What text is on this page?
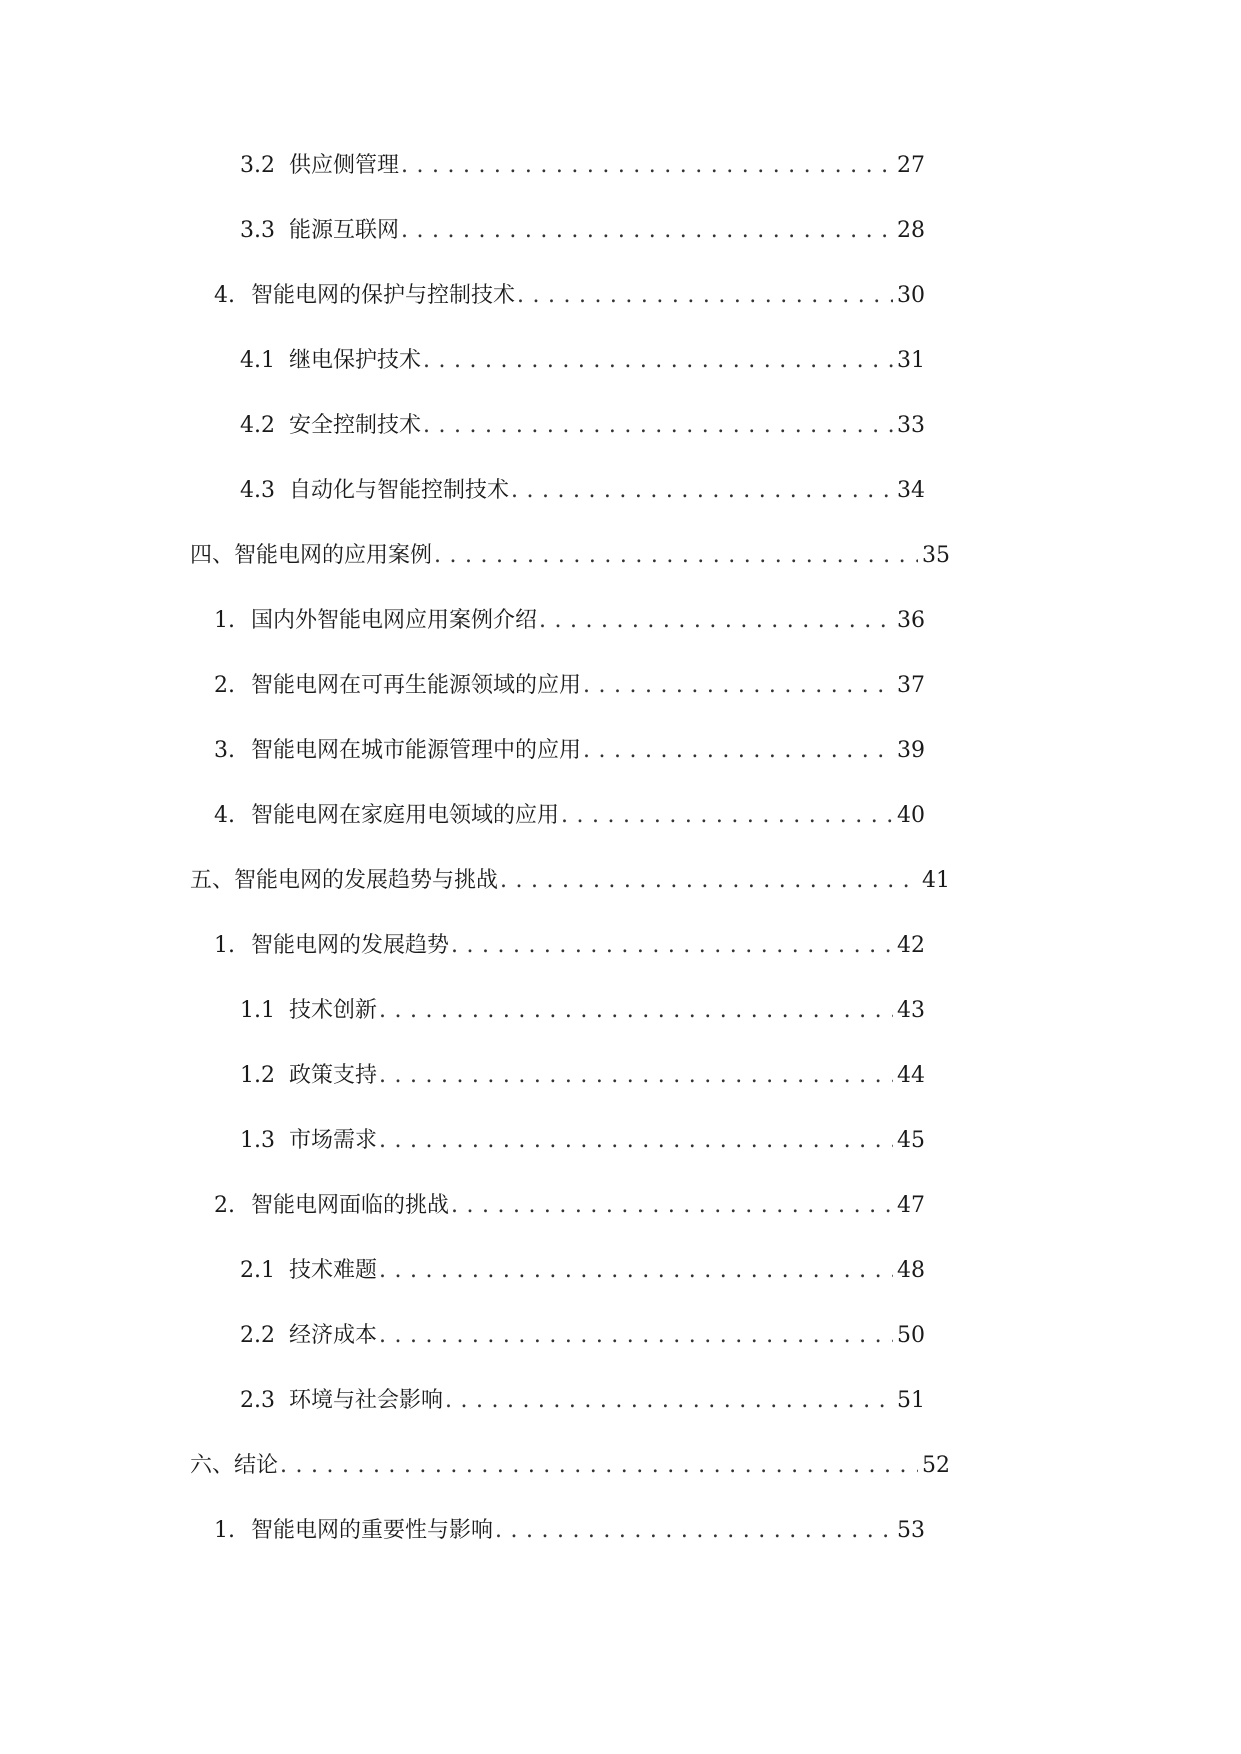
3.2 供应侧管理 . . .	27
3.3 能源互联网 . . .	28
4. 智能电网的保护与控制技术 . . .	30
4.1 继电保护技术 . . .	31
4.2 安全控制技术 . . .	33
4.3 自动化与智能控制技术 . . .	34
四、 智能电网的应用案例 . . .	35
1. 国内外智能电网应用案例介绍 . . .	36
2. 智能电网在可再生能源领域的应用 . . .	37
3. 智能电网在城市能源管理中的应用 . . .	39
4. 智能电网在家庭用电领域的应用 . . .	40
五、 智能电网的发展趋势与挑战 . . .	41
1. 智能电网的发展趋势 . . .	42
1.1 技术创新 . . .	43
1.2 政策支持 . . .	44
1.3 市场需求 . . .	45
2. 智能电网面临的挑战 . . .	47
2.1 技术难题 . . .	48
2.2 经济成本 . . .	50
2.3 环境与社会影响 . . .	51
六、 结论 . . .	52
1. 智能电网的重要性与影响 . . .	53
